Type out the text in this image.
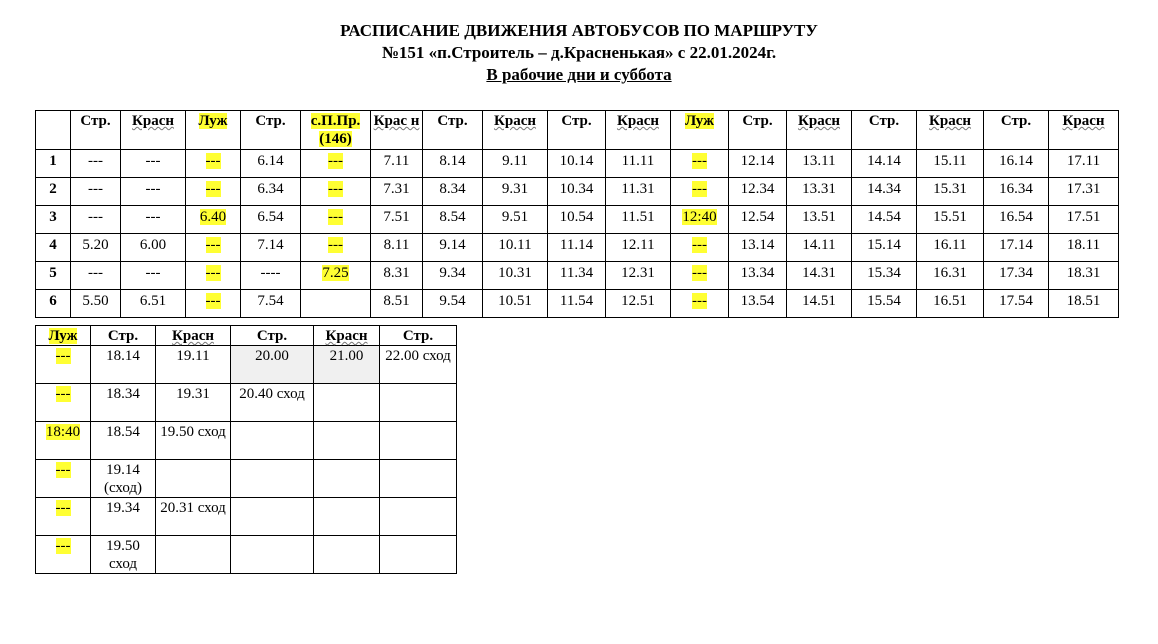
РАСПИСАНИЕ ДВИЖЕНИЯ АВТОБУСОВ ПО МАРШРУТУ
№151 «п.Строитель – д.Красненькая» с 22.01.2024г.
В рабочие дни и суббота
	Стр.	Красн	Луж	Стр.	с.П.Пр. (146)	Крас н	Стр.	Красн	Стр.	Красн	Луж	Стр.	Красн	Стр.	Красн	Стр.	Красн
1	---	---	---	6.14	---	7.11	8.14	9.11	10.14	11.11	---	12.14	13.11	14.14	15.11	16.14	17.11
2	---	---	---	6.34	---	7.31	8.34	9.31	10.34	11.31	---	12.34	13.31	14.34	15.31	16.34	17.31
3	---	---	6.40	6.54	---	7.51	8.54	9.51	10.54	11.51	12:40	12.54	13.51	14.54	15.51	16.54	17.51
4	5.20	6.00	---	7.14	---	8.11	9.14	10.11	11.14	12.11	---	13.14	14.11	15.14	16.11	17.14	18.11
5	---	---	---	----	7.25	8.31	9.34	10.31	11.34	12.31	---	13.34	14.31	15.34	16.31	17.34	18.31
6	5.50	6.51	---	7.54		8.51	9.54	10.51	11.54	12.51	---	13.54	14.51	15.54	16.51	17.54	18.51
Луж	Стр.	Красн	Стр.	Красн	Стр.
---	18.14	19.11	20.00	21.00	22.00 сход
---	18.34	19.31	20.40 сход		
18:40	18.54	19.50 сход			
---	19.14 (сход)				
---	19.34	20.31 сход			
---	19.50 сход				
